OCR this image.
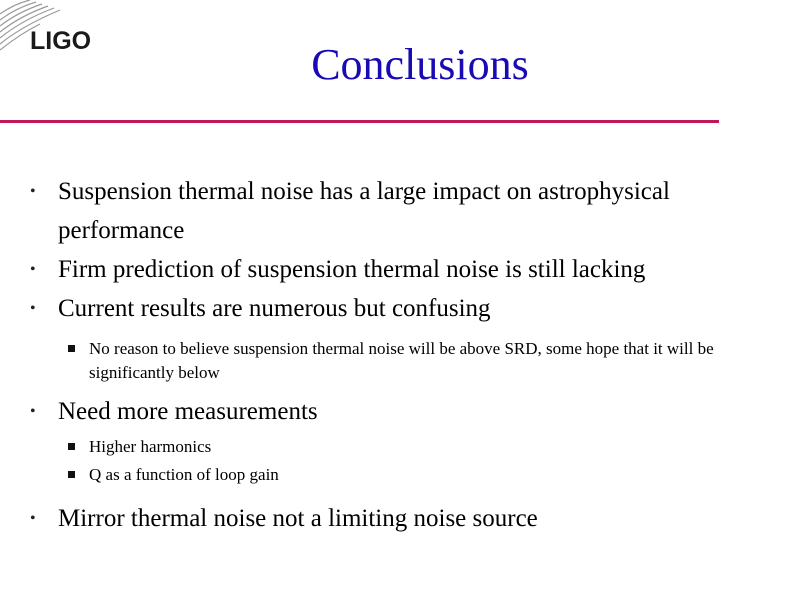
LIGO	Conclusions
• Suspension thermal noise has a large impact on astrophysical performance
• Firm prediction of suspension thermal noise is still lacking
• Current results are numerous but confusing
No reason to believe suspension thermal noise will be above SRD, some hope that it will be significantly below
• Need more measurements
Higher harmonics
Q as a function of loop gain
• Mirror thermal noise not a limiting noise source
